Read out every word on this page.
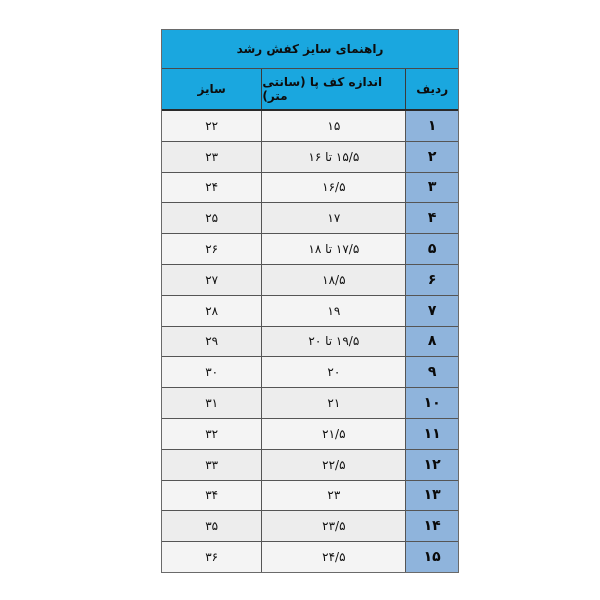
راهنمای سایز کفش رشد
سایز	اندازه کف پا (سانتی متر)	ردیف
۲۲	۱۵	۱
۲۳	۱۵/۵ تا ۱۶	۲
۲۴	۱۶/۵	۳
۲۵	۱۷	۴
۲۶	۱۷/۵ تا ۱۸	۵
۲۷	۱۸/۵	۶
۲۸	۱۹	۷
۲۹	۱۹/۵ تا ۲۰	۸
۳۰	۲۰	۹
۳۱	۲۱	۱۰
۳۲	۲۱/۵	۱۱
۳۳	۲۲/۵	۱۲
۳۴	۲۳	۱۳
۳۵	۲۳/۵	۱۴
۳۶	۲۴/۵	۱۵
